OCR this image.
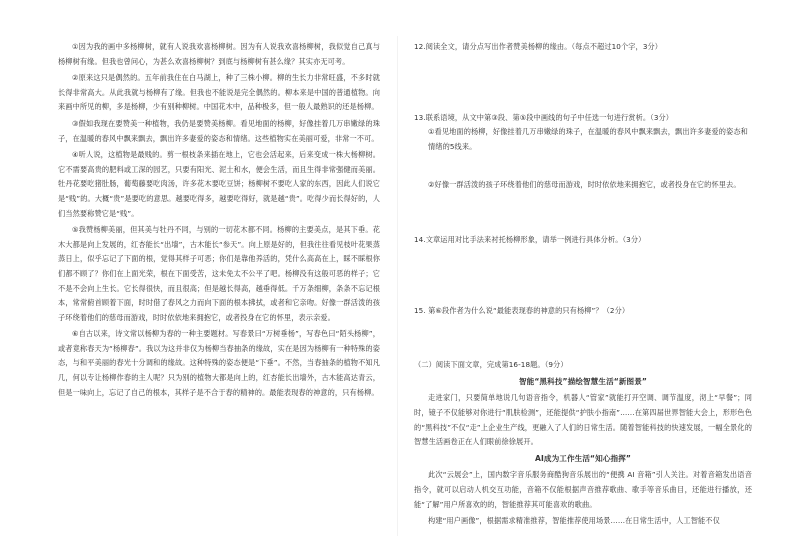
①因为我的画中多杨柳树，就有人说我欢喜杨柳树。因为有人说我欢喜杨柳树，我似觉自己真与杨柳树有缘。但我也曾问心，为甚么欢喜杨柳树？到底与杨柳树有甚么缘？其实亦无可考。

②原来这只是偶然的。五年前我住在白马湖上，种了三株小柳。柳的生长力非常旺盛，不多时就长得非常高大。从此我就与杨柳有了缘。但我也不能说是完全偶然的。柳本来是中国的普通植物。向来画中所见的柳，多是杨柳，少有别种柳树。中国花木中，品种极多，但一般人最熟识的还是杨柳。

③假如我现在要赞美一种植物，我仍是要赞美杨柳。看见地面的杨柳，好像挂着几万串嫩绿的珠子，在温暖的春风中飘来飘去，飘出许多妻爱的姿态和情绪。这些植物实在美丽可爱，非常一不可。

④听人说，这植物是最贱的。剪一根枝条来插在地上，它也会活起来，后来变成一株大杨柳树。它不需要高贵的肥料或工深的园艺，只要有阳光、泥土和水，便会生活，而且生得非常强健而美丽。牡丹花要吃猪肚肠，葡萄藤要吃肉汤，许多花木要吃豆饼；杨柳树不要吃人家的东西，因此人们说它是“贱”的。大概“贵”是要吃的意思。越要吃得多，越要吃得好，就是越“贵”。吃得少而长得好的，人们当然要称赞它是“贱”。

⑤我赞杨柳美丽，但其美与牡丹不同，与别的一切花木都不同。杨柳的主要美点，是其下垂。花木大都是向上发展的，红杏能长“出墙”，古木能长“参天”。向上原是好的，但我往往看见枝叶花果蒸蒸日上，似乎忘记了下面的根，觉得其样子可恶；你们是靠他养活的，凭什么高高在上，睬不睬根你们都不顾了？你们在上面光荣，根在下面受苦，这未免太不公平了吧。杨柳没有这般可恶的样子；它不是不会向上生长。它长得很快，而且很高；但是越长得高，越垂得低。千万条细柳，条条不忘记根本，常常俯首顾着下面，时时借了春风之力而向下面的根本拂拭，或者和它亲吻。好像一群活泼的孩子环绕着他们的慈母而游戏，时时依依地来拥抱它，或者投身在它的怀里，表示亲爱。

⑥自古以来，诗文常以杨柳为春的一种主要题材。写春景曰“万树垂杨”，写春色曰“陌头杨柳”，或者竟称春天为“杨柳春”。我以为这并非仅为杨柳当春抽条的缘故，实在是因为杨柳有一种特殊的姿态，与和平美丽的春光十分调和的缘故。这种特殊的姿态便是“下垂”。不然，当春抽条的植物不知凡几，何以专让杨柳作春的主人呢？只为别的植物大都是向上的，红杏能长出墙外，古木能高达青云，但是一味向上，忘记了自己的根本，其样子是不合于春的精神的。最能表现春的神意的，只有杨柳。

12.阅读全文，请分点写出作者赞美杨柳的缘由。（每点不超过10个字，3分）

13.联系语境，从文中第③段、第⑤段中画线的句子中任选一句进行赏析。（3分）

①看见地面的杨柳，好像挂着几万串嫩绿的珠子，在温暖的春风中飘来飘去，飘出许多妻爱的姿态和情绪的5线来。

②好像一群活泼的孩子环绕着他们的慈母而游戏，时时依依地来拥抱它，或者投身在它的怀里去。

14.文章运用对比手法来衬托杨柳形象，请举一例进行具体分析。（3分）

15. 第⑥段作者为什么说“最能表现春的神意的只有杨柳”？（2分）

（二）阅读下面文章，完成第16-18题。（9分）

智能“黑科技”描绘智慧生活“新图景”

走进家门，只要简单地说几句语音指令，机器人“管家”就能打开空调、调节温度，沏上“早餐”；同时，镜子不仅能够对你进行“肌肤检测”，还能提供“护肤小指南”……在第四届世界智能大会上，形形色色的“黑科技”不仅“走”上企业生产线，更融入了人们的日常生活。随着智能科技的快速发展，一幅全景化的智慧生活画卷正在人们眼前徐徐展开。

AI成为工作生活“知心指挥”

此次“云展会”上，国内数字音乐服务商酷狗音乐展出的“便携 AI 音箱”引人关注。对着音箱发出语音指令，就可以启动人机交互功能，音箱不仅能根据声音推荐歌曲、歌手等音乐曲目，还能进行播放，还能“了解”用户所喜欢的的，智能推荐其可能喜欢的歌曲。

构建“用户画像”，根据需求精准推荐，智能推荐使用场景……在日常生活中，人工智能不仅
